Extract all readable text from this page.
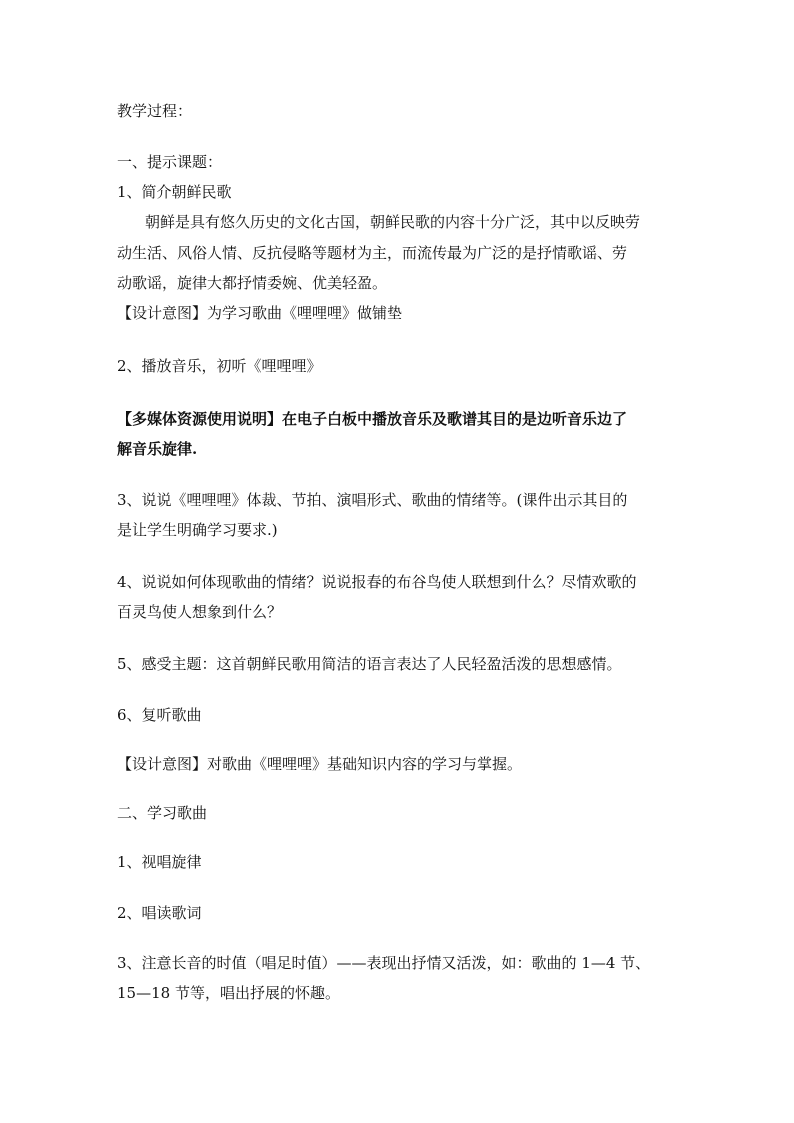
教学过程：
一、提示课题：
1、简介朝鲜民歌
朝鲜是具有悠久历史的文化古国，朝鲜民歌的内容十分广泛，其中以反映劳
动生活、风俗人情、反抗侵略等题材为主，而流传最为广泛的是抒情歌谣、劳
动歌谣，旋律大都抒情委婉、优美轻盈。
【设计意图】为学习歌曲《哩哩哩》做铺垫
2、播放音乐，初听《哩哩哩》
【多媒体资源使用说明】在电子白板中播放音乐及歌谱其目的是边听音乐边了
解音乐旋律.
3、说说《哩哩哩》体裁、节拍、演唱形式、歌曲的情绪等。(课件出示其目的
是让学生明确学习要求.)
4、说说如何体现歌曲的情绪？说说报春的布谷鸟使人联想到什么？尽情欢歌的
百灵鸟使人想象到什么？
5、感受主题：这首朝鲜民歌用简洁的语言表达了人民轻盈活泼的思想感情。
6、复听歌曲
【设计意图】对歌曲《哩哩哩》基础知识内容的学习与掌握。
二、学习歌曲
1、视唱旋律
2、唱读歌词
3、注意长音的时值（唱足时值）——表现出抒情又活泼，如：歌曲的 1—4 节、
15—18 节等，唱出抒展的怀趣。
